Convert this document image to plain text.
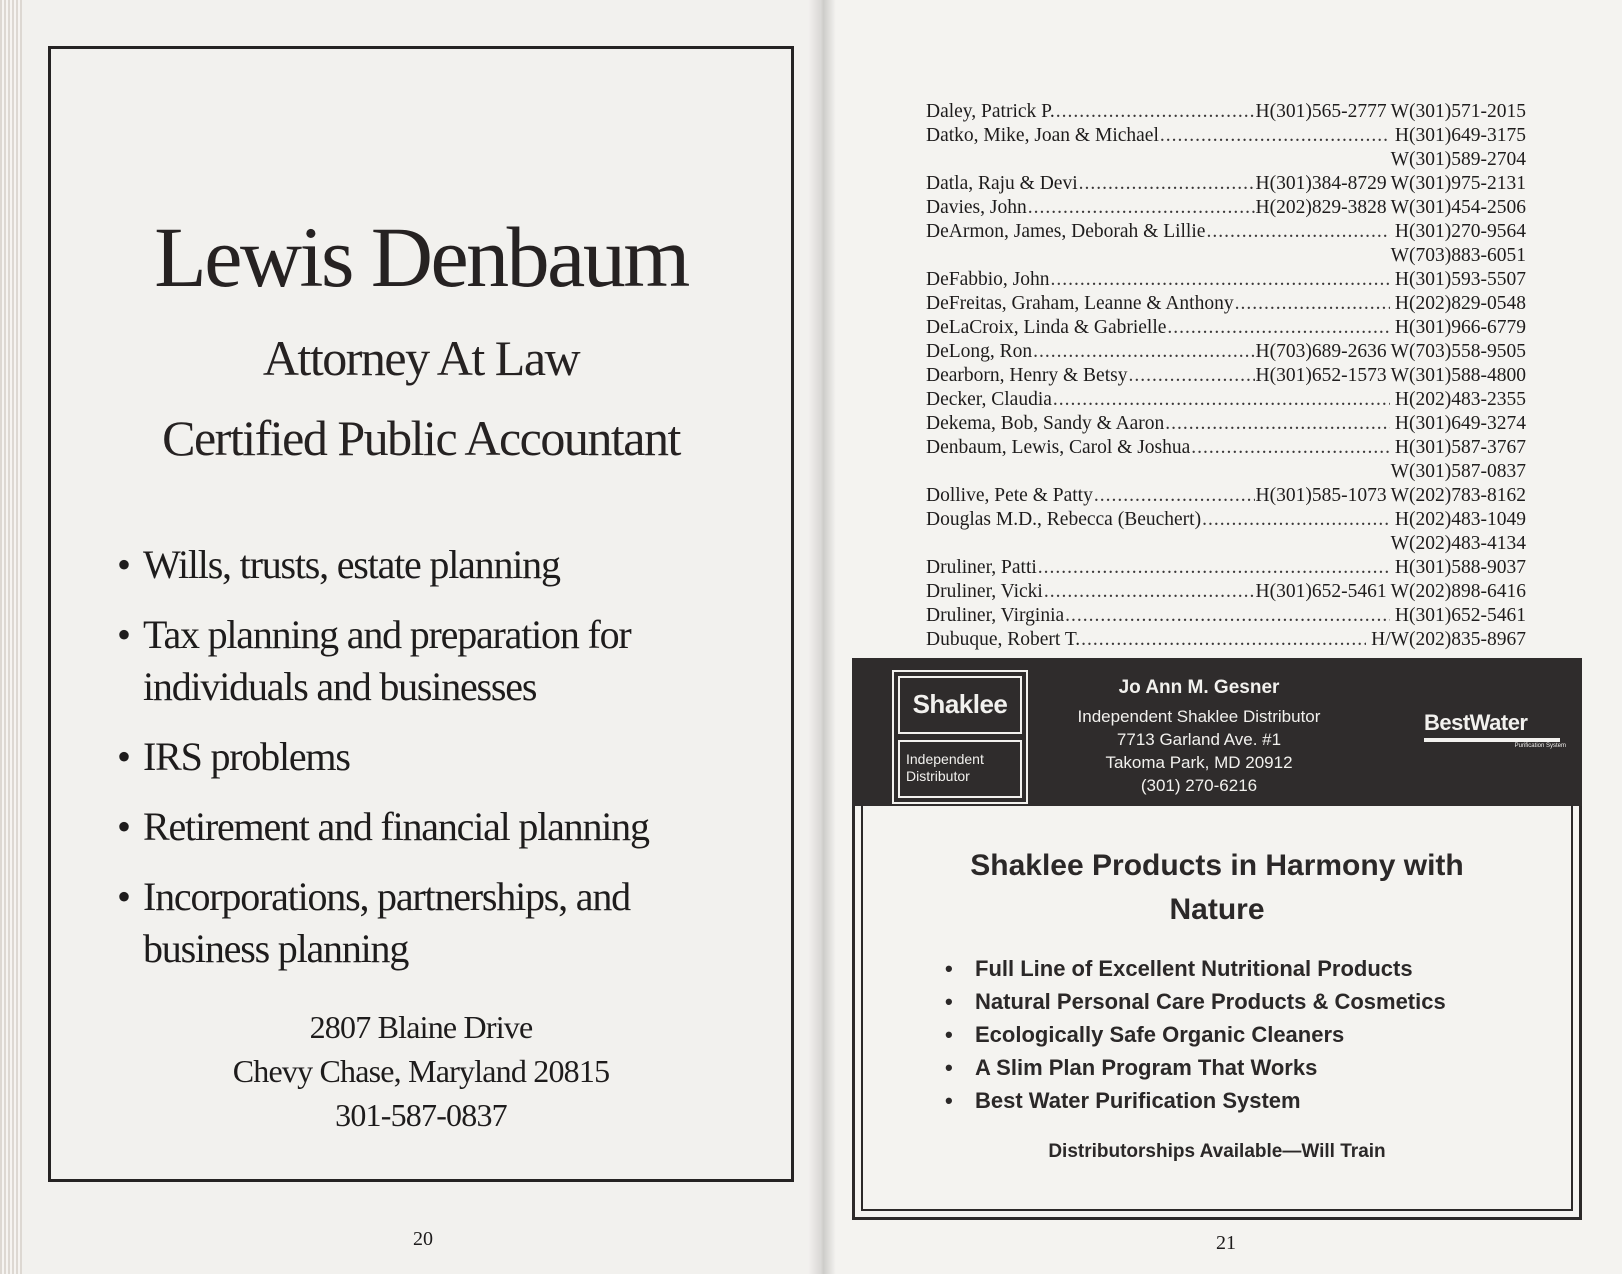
Lewis Denbaum
Attorney At Law
Certified Public Accountant
• Wills, trusts, estate planning
• Tax planning and preparation for individuals and businesses
• IRS problems
• Retirement and financial planning
• Incorporations, partnerships, and business planning
2807 Blaine Drive
Chevy Chase, Maryland 20815
301-587-0837
20	21
Daley, Patrick P. .....	H(301)565-2777 W(301)571-2015
Datko, Mike, Joan & Michael .....	H(301)649-3175
W(301)589-2704
Datla, Raju & Devi .....	H(301)384-8729 W(301)975-2131
Davies, John .....	H(202)829-3828 W(301)454-2506
DeArmon, James, Deborah & Lillie .....	H(301)270-9564
W(703)883-6051
DeFabbio, John .....	H(301)593-5507
DeFreitas, Graham, Leanne & Anthony .....	H(202)829-0548
DeLaCroix, Linda & Gabrielle .....	H(301)966-6779
DeLong, Ron .....	H(703)689-2636 W(703)558-9505
Dearborn, Henry & Betsy .....	H(301)652-1573 W(301)588-4800
Decker, Claudia .....	H(202)483-2355
Dekema, Bob, Sandy & Aaron .....	H(301)649-3274
Denbaum, Lewis, Carol & Joshua .....	H(301)587-3767
W(301)587-0837
Dollive, Pete & Patty .....	H(301)585-1073 W(202)783-8162
Douglas M.D., Rebecca (Beuchert) .....	H(202)483-1049
W(202)483-4134
Druliner, Patti .....	H(301)588-9037
Druliner, Vicki .....	H(301)652-5461 W(202)898-6416
Druliner, Virginia .....	H(301)652-5461
Dubuque, Robert T. .....	H/W(202)835-8967
Shaklee
Independent Distributor
Jo Ann M. Gesner
Independent Shaklee Distributor
7713 Garland Ave. #1
Takoma Park, MD 20912
(301) 270-6216
BestWater
Purification System
Shaklee Products in Harmony with Nature
• Full Line of Excellent Nutritional Products
• Natural Personal Care Products & Cosmetics
• Ecologically Safe Organic Cleaners
• A Slim Plan Program That Works
• Best Water Purification System
Distributorships Available—Will Train
